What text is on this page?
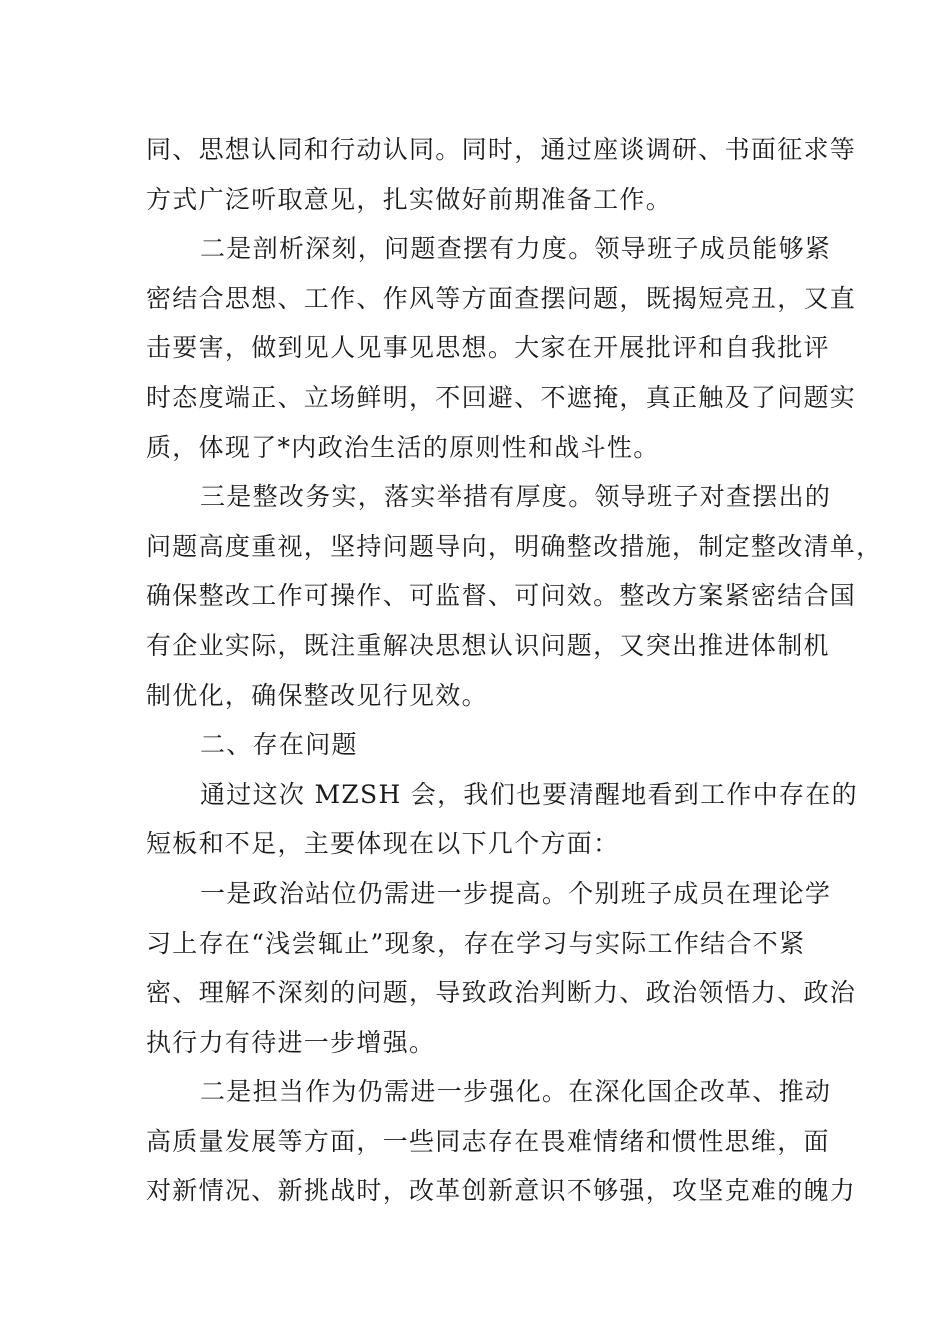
同、思想认同和行动认同。同时，通过座谈调研、书面征求等
方式广泛听取意见，扎实做好前期准备工作。
二是剖析深刻，问题查摆有力度。领导班子成员能够紧
密结合思想、工作、作风等方面查摆问题，既揭短亮丑，又直
击要害，做到见人见事见思想。大家在开展批评和自我批评
时态度端正、立场鲜明，不回避、不遮掩，真正触及了问题实
质，体现了*内政治生活的原则性和战斗性。
三是整改务实，落实举措有厚度。领导班子对查摆出的
问题高度重视，坚持问题导向，明确整改措施，制定整改清单，
确保整改工作可操作、可监督、可问效。整改方案紧密结合国
有企业实际，既注重解决思想认识问题，又突出推进体制机
制优化，确保整改见行见效。
二、存在问题
通过这次 MZSH 会，我们也要清醒地看到工作中存在的
短板和不足，主要体现在以下几个方面：
一是政治站位仍需进一步提高。个别班子成员在理论学
习上存在“浅尝辄止”现象，存在学习与实际工作结合不紧
密、理解不深刻的问题，导致政治判断力、政治领悟力、政治
执行力有待进一步增强。
二是担当作为仍需进一步强化。在深化国企改革、推动
高质量发展等方面，一些同志存在畏难情绪和惯性思维，面
对新情况、新挑战时，改革创新意识不够强，攻坚克难的魄力
